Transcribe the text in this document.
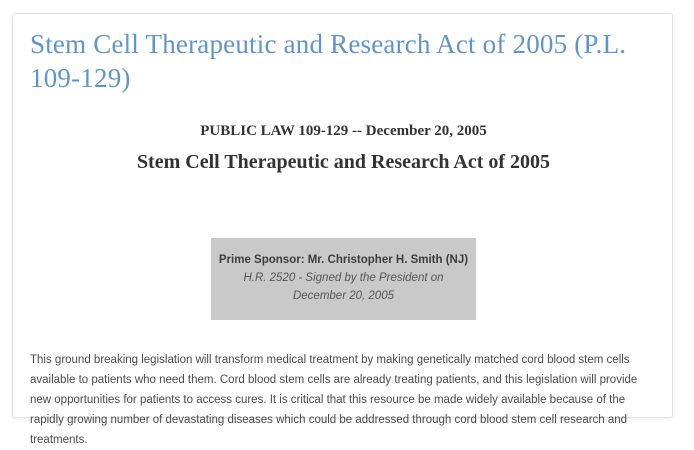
Stem Cell Therapeutic and Research Act of 2005 (P.L. 109-129)

PUBLIC LAW 109-129 -- December 20, 2005

Stem Cell Therapeutic and Research Act of 2005
Prime Sponsor: Mr. Christopher H. Smith (NJ)
H.R. 2520 - Signed by the President on
December 20, 2005

This ground breaking legislation will transform medical treatment by making genetically matched cord blood stem cells available to patients who need them. Cord blood stem cells are already treating patients, and this legislation will provide new opportunities for patients to access cures. It is critical that this resource be made widely available because of the rapidly growing number of devastating diseases which could be addressed through cord blood stem cell research and treatments.
